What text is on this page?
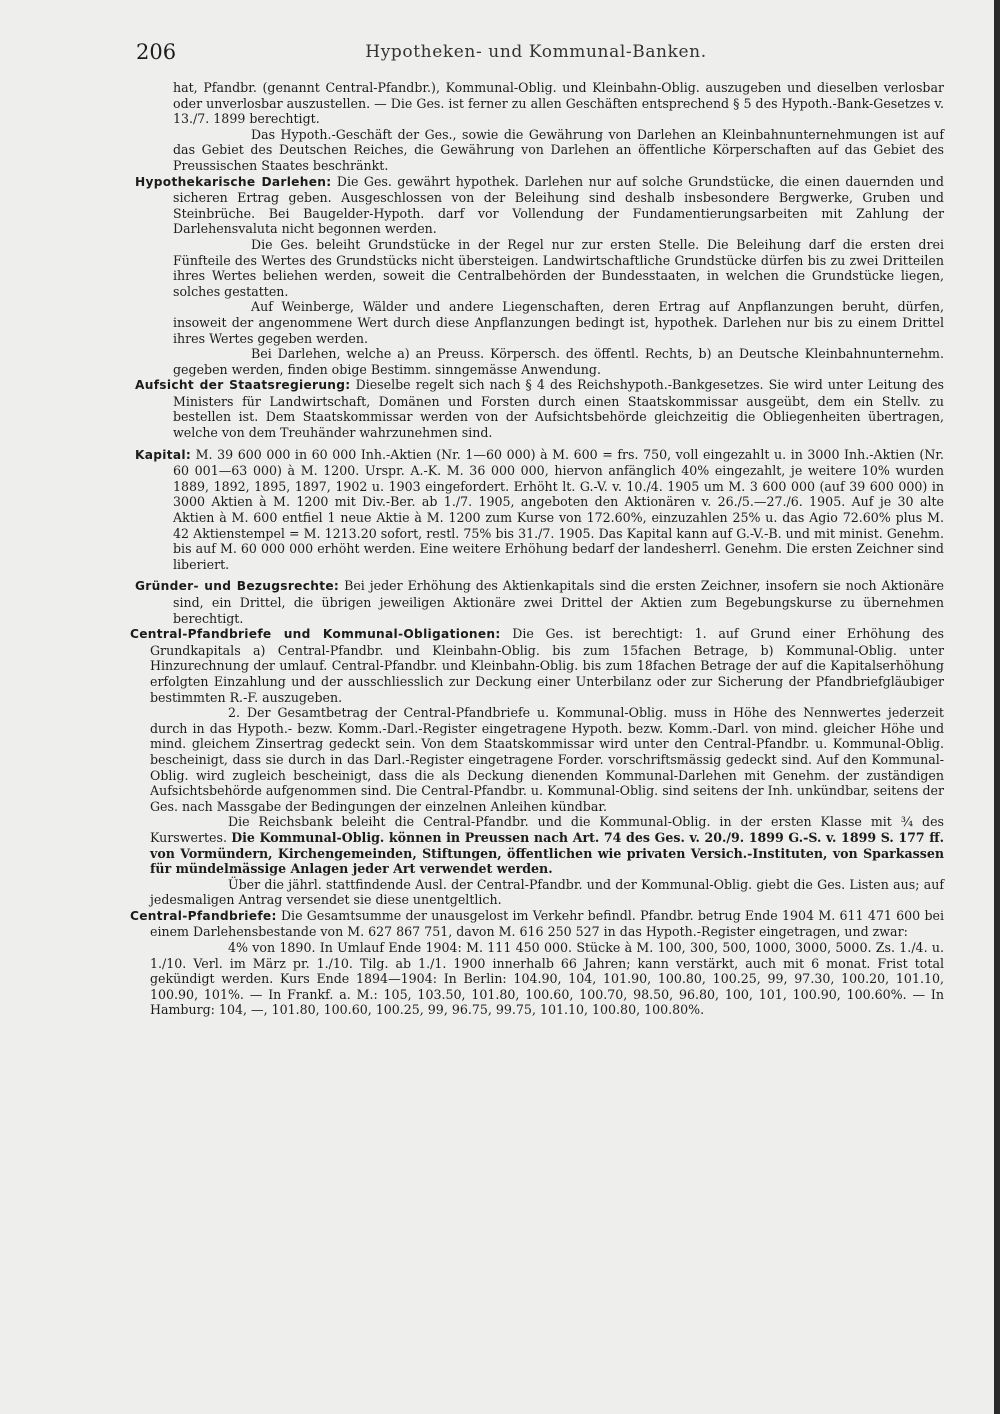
206	Hypotheken- und Kommunal-Banken.

hat, Pfandbr. (genannt Central-Pfandbr.), Kommunal-Oblig. und Kleinbahn-Oblig. auszugeben und dieselben verlosbar oder unverlosbar auszustellen. — Die Ges. ist ferner zu allen Geschäften entsprechend § 5 des Hypoth.-Bank-Gesetzes v. 13./7. 1899 berechtigt.

Das Hypoth.-Geschäft der Ges., sowie die Gewährung von Darlehen an Kleinbahnunternehmungen ist auf das Gebiet des Deutschen Reiches, die Gewährung von Darlehen an öffentliche Körperschaften auf das Gebiet des Preussischen Staates beschränkt.

Hypothekarische Darlehen: Die Ges. gewährt hypothek. Darlehen nur auf solche Grundstücke, die einen dauernden und sicheren Ertrag geben. Ausgeschlossen von der Beleihung sind deshalb insbesondere Bergwerke, Gruben und Steinbrüche. Bei Baugelder-Hypoth. darf vor Vollendung der Fundamentierungsarbeiten mit Zahlung der Darlehensvaluta nicht begonnen werden.

Die Ges. beleiht Grundstücke in der Regel nur zur ersten Stelle. Die Beleihung darf die ersten drei Fünfteile des Wertes des Grundstücks nicht übersteigen. Landwirtschaftliche Grundstücke dürfen bis zu zwei Dritteilen ihres Wertes beliehen werden, soweit die Centralbehörden der Bundesstaaten, in welchen die Grundstücke liegen, solches gestatten.

Auf Weinberge, Wälder und andere Liegenschaften, deren Ertrag auf Anpflanzungen beruht, dürfen, insoweit der angenommene Wert durch diese Anpflanzungen bedingt ist, hypothek. Darlehen nur bis zu einem Drittel ihres Wertes gegeben werden.

Bei Darlehen, welche a) an Preuss. Körpersch. des öffentl. Rechts, b) an Deutsche Kleinbahnunternehm. gegeben werden, finden obige Bestimm. sinngemässe Anwendung.

Aufsicht der Staatsregierung: Dieselbe regelt sich nach § 4 des Reichshypoth.-Bankgesetzes. Sie wird unter Leitung des Ministers für Landwirtschaft, Domänen und Forsten durch einen Staatskommissar ausgeübt, dem ein Stellv. zu bestellen ist. Dem Staatskommissar werden von der Aufsichtsbehörde gleichzeitig die Obliegenheiten übertragen, welche von dem Treuhänder wahrzunehmen sind.

Kapital: M. 39 600 000 in 60 000 Inh.-Aktien (Nr. 1—60 000) à M. 600 = frs. 750, voll eingezahlt u. in 3000 Inh.-Aktien (Nr. 60 001—63 000) à M. 1200. Urspr. A.-K. M. 36 000 000, hiervon anfänglich 40% eingezahlt, je weitere 10% wurden 1889, 1892, 1895, 1897, 1902 u. 1903 eingefordert. Erhöht lt. G.-V. v. 10./4. 1905 um M. 3 600 000 (auf 39 600 000) in 3000 Aktien à M. 1200 mit Div.-Ber. ab 1./7. 1905, angeboten den Aktionären v. 26./5.—27./6. 1905. Auf je 30 alte Aktien à M. 600 entfiel 1 neue Aktie à M. 1200 zum Kurse von 172.60%, einzuzahlen 25% u. das Agio 72.60% plus M. 42 Aktienstempel = M. 1213.20 sofort, restl. 75% bis 31./7. 1905. Das Kapital kann auf G.-V.-B. und mit minist. Genehm. bis auf M. 60 000 000 erhöht werden. Eine weitere Erhöhung bedarf der landesherrl. Genehm. Die ersten Zeichner sind liberiert.

Gründer- und Bezugsrechte: Bei jeder Erhöhung des Aktienkapitals sind die ersten Zeichner, insofern sie noch Aktionäre sind, ein Drittel, die übrigen jeweiligen Aktionäre zwei Drittel der Aktien zum Begebungskurse zu übernehmen berechtigt.

Central-Pfandbriefe und Kommunal-Obligationen: Die Ges. ist berechtigt: 1. auf Grund einer Erhöhung des Grundkapitals a) Central-Pfandbr. und Kleinbahn-Oblig. bis zum 15fachen Betrage, b) Kommunal-Oblig. unter Hinzurechnung der umlauf. Central-Pfandbr. und Kleinbahn-Oblig. bis zum 18fachen Betrage der auf die Kapitalserhöhung erfolgten Einzahlung und der ausschliesslich zur Deckung einer Unterbilanz oder zur Sicherung der Pfandbriefgläubiger bestimmten R.-F. auszugeben.

2. Der Gesamtbetrag der Central-Pfandbriefe u. Kommunal-Oblig. muss in Höhe des Nennwertes jederzeit durch in das Hypoth.- bezw. Komm.-Darl.-Register eingetragene Hypoth. bezw. Komm.-Darl. von mind. gleicher Höhe und mind. gleichem Zinsertrag gedeckt sein. Von dem Staatskommissar wird unter den Central-Pfandbr. u. Kommunal-Oblig. bescheinigt, dass sie durch in das Darl.-Register eingetragene Forder. vorschriftsmässig gedeckt sind. Auf den Kommunal-Oblig. wird zugleich bescheinigt, dass die als Deckung dienenden Kommunal-Darlehen mit Genehm. der zuständigen Aufsichtsbehörde aufgenommen sind. Die Central-Pfandbr. u. Kommunal-Oblig. sind seitens der Inh. unkündbar, seitens der Ges. nach Massgabe der Bedingungen der einzelnen Anleihen kündbar.

Die Reichsbank beleiht die Central-Pfandbr. und die Kommunal-Oblig. in der ersten Klasse mit ¾ des Kurswertes. Die Kommunal-Oblig. können in Preussen nach Art. 74 des Ges. v. 20./9. 1899 G.-S. v. 1899 S. 177 ff. von Vormündern, Kirchengemeinden, Stiftungen, öffentlichen wie privaten Versich.-Instituten, von Sparkassen für mündelmässige Anlagen jeder Art verwendet werden.

Über die jährl. stattfindende Ausl. der Central-Pfandbr. und der Kommunal-Oblig. giebt die Ges. Listen aus; auf jedesmaligen Antrag versendet sie diese unentgeltlich.

Central-Pfandbriefe: Die Gesamtsumme der unausgelost im Verkehr befindl. Pfandbr. betrug Ende 1904 M. 611 471 600 bei einem Darlehensbestande von M. 627 867 751, davon M. 616 250 527 in das Hypoth.-Register eingetragen, und zwar:

4% von 1890. In Umlauf Ende 1904: M. 111 450 000. Stücke à M. 100, 300, 500, 1000, 3000, 5000. Zs. 1./4. u. 1./10. Verl. im März pr. 1./10. Tilg. ab 1./1. 1900 innerhalb 66 Jahren; kann verstärkt, auch mit 6 monat. Frist total gekündigt werden. Kurs Ende 1894—1904: In Berlin: 104.90, 104, 101.90, 100.80, 100.25, 99, 97.30, 100.20, 101.10, 100.90, 101%. — In Frankf. a. M.: 105, 103.50, 101.80, 100.60, 100.70, 98.50, 96.80, 100, 101, 100.90, 100.60%. — In Hamburg: 104, —, 101.80, 100.60, 100.25, 99, 96.75, 99.75, 101.10, 100.80, 100.80%.
